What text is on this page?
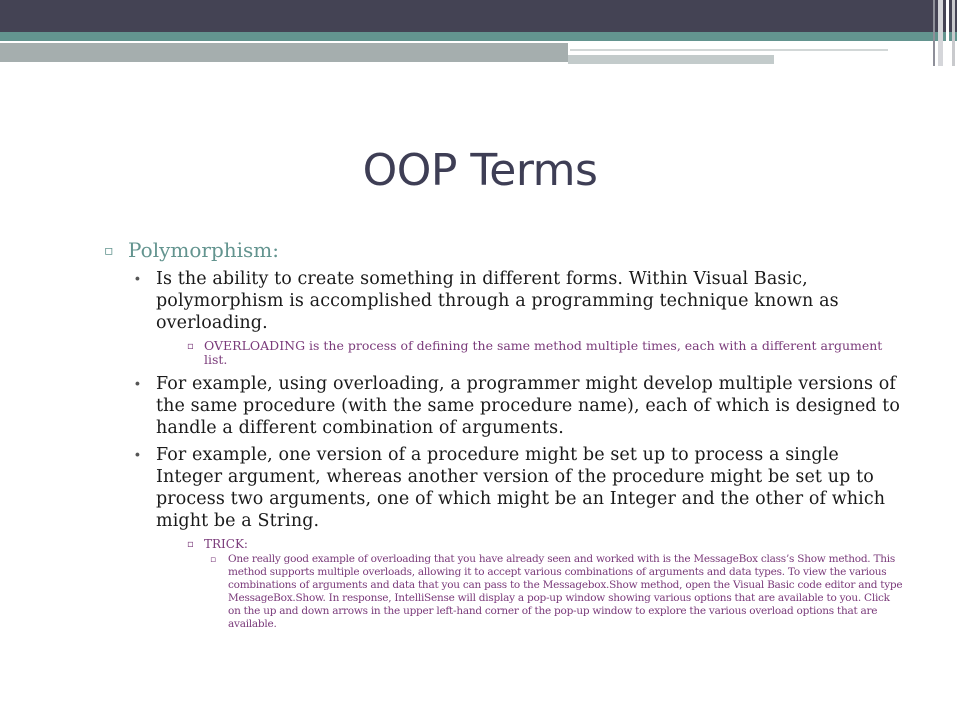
OOP Terms
▫ Polymorphism:
∙ Is the ability to create something in different forms. Within Visual Basic, polymorphism is accomplished through a programming technique known as overloading.
▫ OVERLOADING is the process of defining the same method multiple times, each with a different argument list.
∙ For example, using overloading, a programmer might develop multiple versions of the same procedure (with the same procedure name), each of which is designed to handle a different combination of arguments.
∙ For example, one version of a procedure might be set up to process a single Integer argument, whereas another version of the procedure might be set up to process two arguments, one of which might be an Integer and the other of which might be a String.
▫ TRICK:
▫ One really good example of overloading that you have already seen and worked with is the MessageBox class’s Show method. This method supports multiple overloads, allowing it to accept various combinations of arguments and data types. To view the various combinations of arguments and data that you can pass to the Messagebox.Show method, open the Visual Basic code editor and type MessageBox.Show. In response, IntelliSense will display a pop-up window showing various options that are available to you. Click on the up and down arrows in the upper left-hand corner of the pop-up window to explore the various overload options that are available.
